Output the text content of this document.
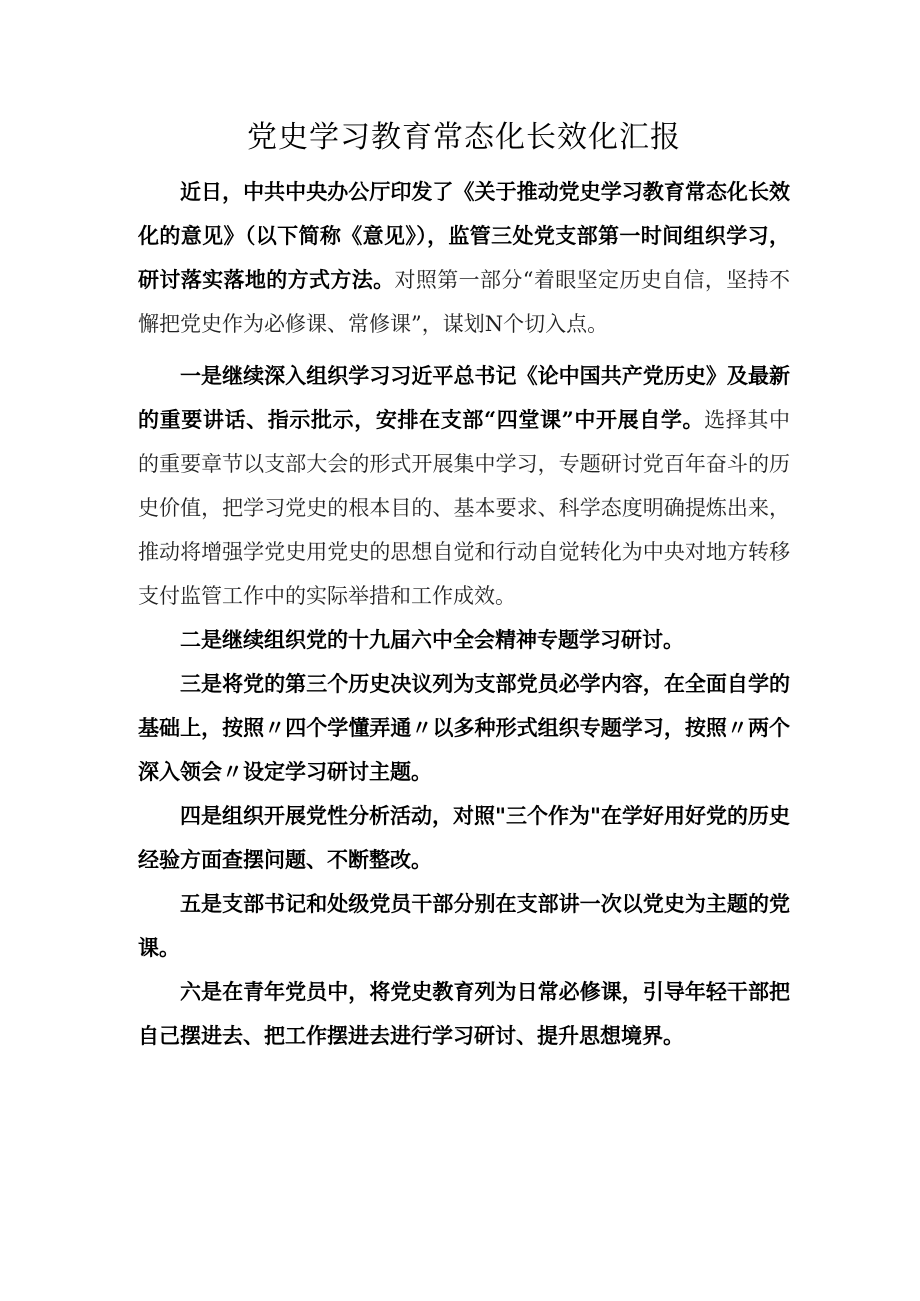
党史学习教育常态化长效化汇报

近日，中共中央办公厅印发了《关于推动党史学习教育常态化长效化的意见》（以下简称《意见》），监管三处党支部第一时间组织学习，研讨落实落地的方式方法。对照第一部分“着眼坚定历史自信，坚持不懈把党史作为必修课、常修课”，谋划N个切入点。

一是继续深入组织学习习近平总书记《论中国共产党历史》及最新的重要讲话、指示批示，安排在支部“四堂课”中开展自学。选择其中的重要章节以支部大会的形式开展集中学习，专题研讨党百年奋斗的历史价值，把学习党史的根本目的、基本要求、科学态度明确提炼出来，推动将增强学党史用党史的思想自觉和行动自觉转化为中央对地方转移支付监管工作中的实际举措和工作成效。

二是继续组织党的十九届六中全会精神专题学习研讨。

三是将党的第三个历史决议列为支部党员必学内容，在全面自学的基础上，按照〃四个学懂弄通〃以多种形式组织专题学习，按照〃两个深入领会〃设定学习研讨主题。

四是组织开展党性分析活动，对照"三个作为"在学好用好党的历史经验方面查摆问题、不断整改。

五是支部书记和处级党员干部分别在支部讲一次以党史为主题的党课。

六是在青年党员中，将党史教育列为日常必修课，引导年轻干部把自己摆进去、把工作摆进去进行学习研讨、提升思想境界。
